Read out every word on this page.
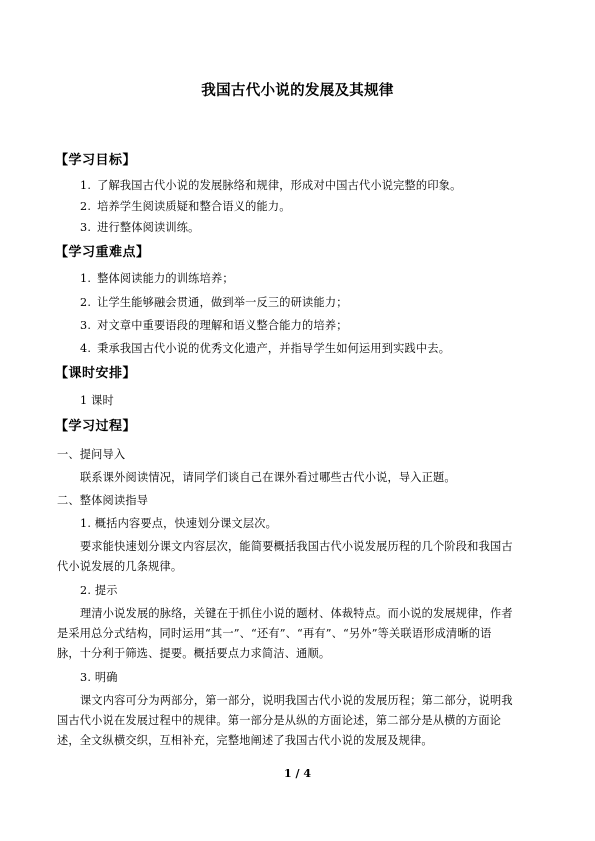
我国古代小说的发展及其规律
【学习目标】
1. 了解我国古代小说的发展脉络和规律，形成对中国古代小说完整的印象。
2. 培养学生阅读质疑和整合语义的能力。
3. 进行整体阅读训练。
【学习重难点】
1. 整体阅读能力的训练培养；
2. 让学生能够融会贯通，做到举一反三的研读能力；
3. 对文章中重要语段的理解和语义整合能力的培养；
4. 秉承我国古代小说的优秀文化遗产，并指导学生如何运用到实践中去。
【课时安排】
1 课时
【学习过程】
一、提问导入
联系课外阅读情况，请同学们谈自己在课外看过哪些古代小说，导入正题。
二、整体阅读指导
1. 概括内容要点，快速划分课文层次。
要求能快速划分课文内容层次，能简要概括我国古代小说发展历程的几个阶段和我国古
代小说发展的几条规律。
2. 提示
理清小说发展的脉络，关键在于抓住小说的题材、体裁特点。而小说的发展规律，作者
是采用总分式结构，同时运用“其一”、“还有”、“再有”、“另外”等关联语形成清晰的语
脉，十分利于筛选、提要。概括要点力求简洁、通顺。
3. 明确
课文内容可分为两部分，第一部分，说明我国古代小说的发展历程；第二部分，说明我
国古代小说在发展过程中的规律。第一部分是从纵的方面论述，第二部分是从横的方面论
述，全文纵横交织，互相补充，完整地阐述了我国古代小说的发展及规律。
1 / 4
